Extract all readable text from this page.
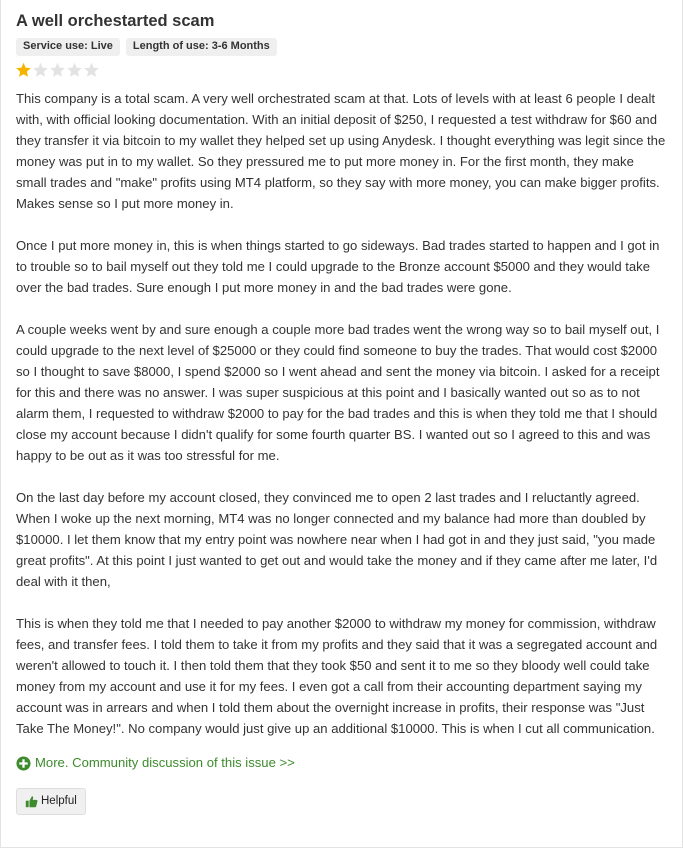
A well orchestarted scam
Service use: Live	Length of use: 3-6 Months

This company is a total scam. A very well orchestrated scam at that. Lots of levels with at least 6 people I dealt with, with official looking documentation. With an initial deposit of $250, I requested a test withdraw for $60 and they transfer it via bitcoin to my wallet they helped set up using Anydesk. I thought everything was legit since the money was put in to my wallet. So they pressured me to put more money in. For the first month, they make small trades and "make" profits using MT4 platform, so they say with more money, you can make bigger profits. Makes sense so I put more money in.

Once I put more money in, this is when things started to go sideways. Bad trades started to happen and I got in to trouble so to bail myself out they told me I could upgrade to the Bronze account $5000 and they would take over the bad trades. Sure enough I put more money in and the bad trades were gone.

A couple weeks went by and sure enough a couple more bad trades went the wrong way so to bail myself out, I could upgrade to the next level of $25000 or they could find someone to buy the trades. That would cost $2000 so I thought to save $8000, I spend $2000 so I went ahead and sent the money via bitcoin. I asked for a receipt for this and there was no answer. I was super suspicious at this point and I basically wanted out so as to not alarm them, I requested to withdraw $2000 to pay for the bad trades and this is when they told me that I should close my account because I didn't qualify for some fourth quarter BS. I wanted out so I agreed to this and was happy to be out as it was too stressful for me.

On the last day before my account closed, they convinced me to open 2 last trades and I reluctantly agreed. When I woke up the next morning, MT4 was no longer connected and my balance had more than doubled by $10000. I let them know that my entry point was nowhere near when I had got in and they just said, "you made great profits". At this point I just wanted to get out and would take the money and if they came after me later, I'd deal with it then,

This is when they told me that I needed to pay another $2000 to withdraw my money for commission, withdraw fees, and transfer fees. I told them to take it from my profits and they said that it was a segregated account and weren't allowed to touch it. I then told them that they took $50 and sent it to me so they bloody well could take money from my account and use it for my fees. I even got a call from their accounting department saying my account was in arrears and when I told them about the overnight increase in profits, their response was "Just Take The Money!". No company would just give up an additional $10000. This is when I cut all communication.

More. Community discussion of this issue >>
Helpful
